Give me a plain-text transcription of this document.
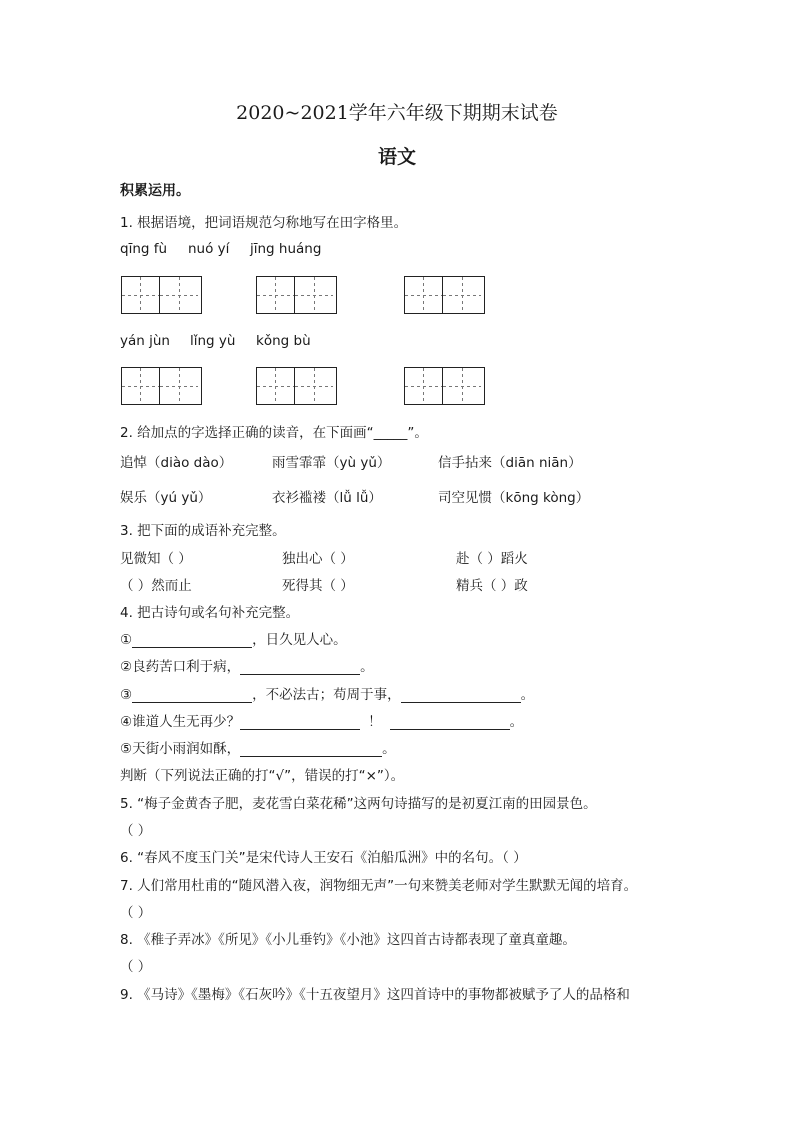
2020~2021学年六年级下期期末试卷
语文
积累运用。
1. 根据语境，把词语规范匀称地写在田字格里。
qīng fù nuó yí jīng huáng
yán jùn lǐng yù kǒng bù
2. 给加点的字选择正确的读音，在下面画“_____”。
追悼（diào dào）	雨雪霏霏（yù yǔ）	信手拈来（diān niān）
娱乐（yú yǔ）	衣衫褴褛（lǚ lǚ）	司空见惯（kōng kòng）
3. 把下面的成语补充完整。
见微知（ ）	独出心（ ）	赴（ ）蹈火
（ ）然而止	死得其（ ）	精兵（ ）政
4. 把古诗句或名句补充完整。
①	，日久见人心。
②良药苦口利于病，	。
③	，不必法古；苟周于事，	。
④谁道人生无再少？	！	。
⑤天街小雨润如酥，	。
判断（下列说法正确的打“√”，错误的打“×”）。
5. “梅子金黄杏子肥，麦花雪白菜花稀”这两句诗描写的是初夏江南的田园景色。
（ ）
6. “春风不度玉门关”是宋代诗人王安石《泊船瓜洲》中的名句。（ ）
7. 人们常用杜甫的“随风潜入夜，润物细无声”一句来赞美老师对学生默默无闻的培育。
（ ）
8. 《稚子弄冰》《所见》《小儿垂钓》《小池》这四首古诗都表现了童真童趣。
（ ）
9. 《马诗》《墨梅》《石灰吟》《十五夜望月》这四首诗中的事物都被赋予了人的品格和
